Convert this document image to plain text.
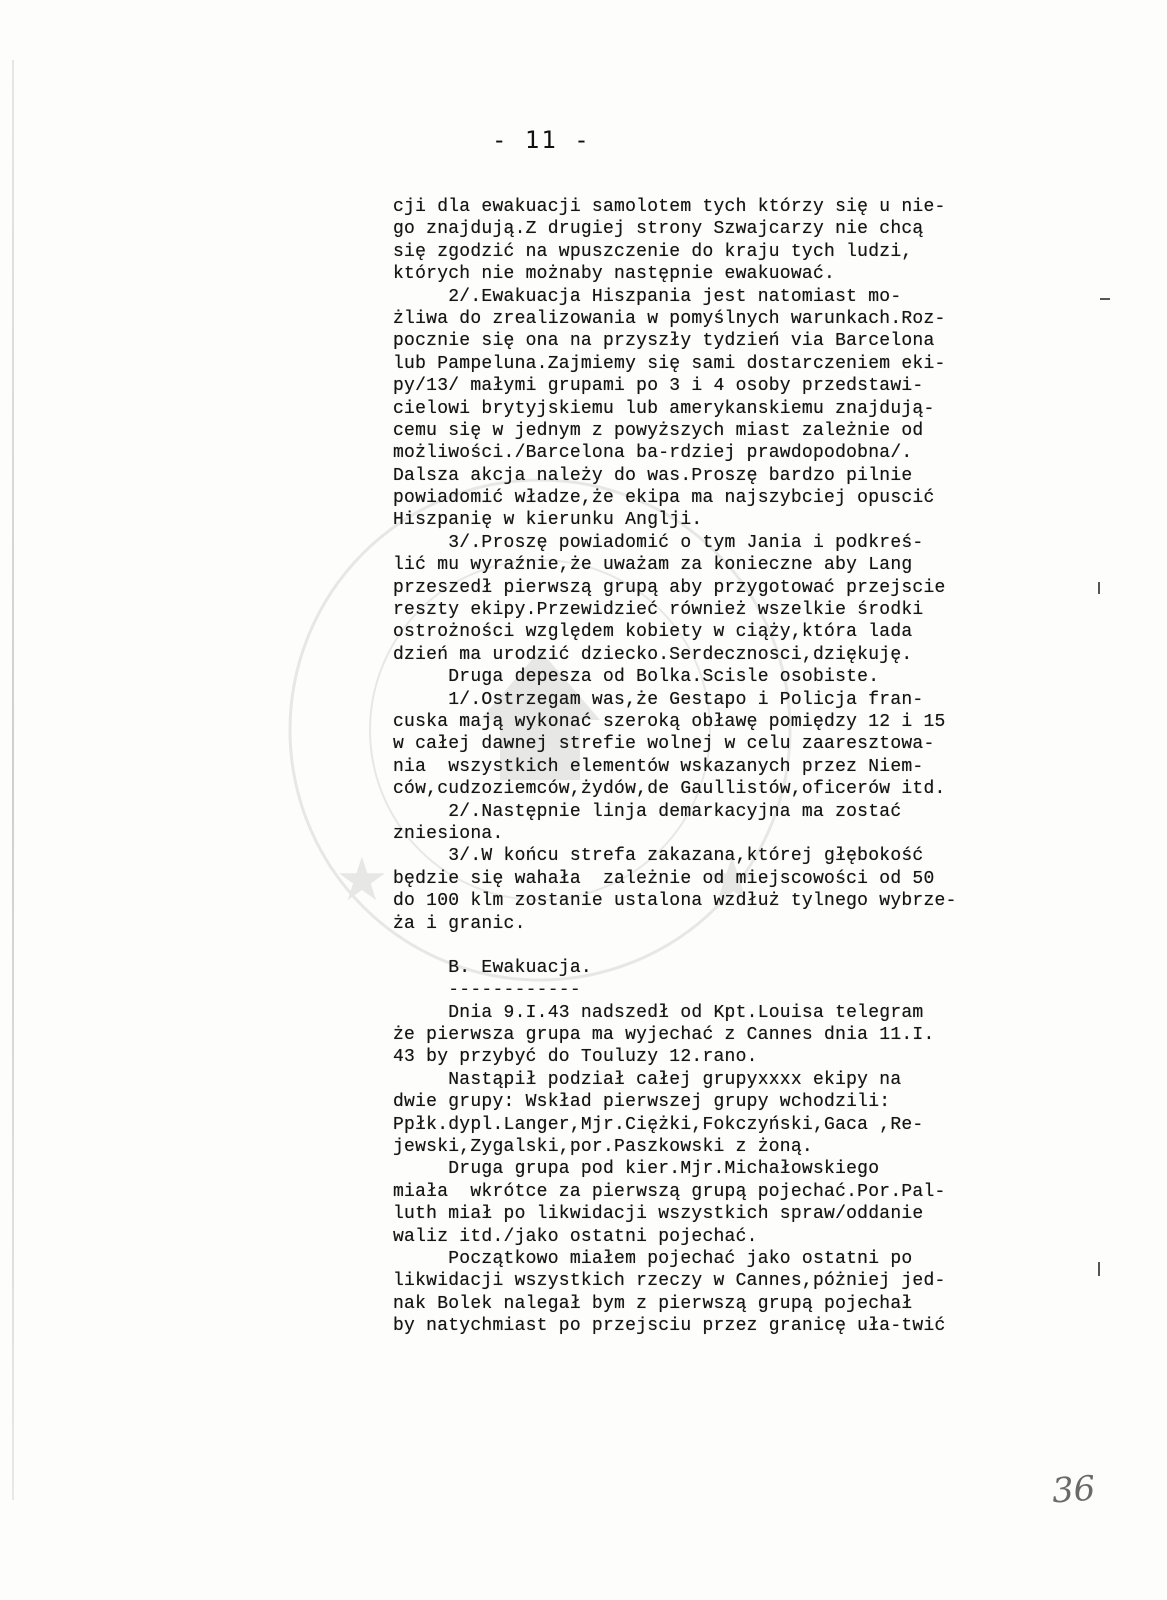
★	★
- 11 -
cji dla ewakuacji samolotem tych którzy się u nie-
go znajdują.Z drugiej strony Szwajcarzy nie chcą
się zgodzić na wpuszczenie do kraju tych ludzi,
których nie możnaby następnie ewakuować.
2/.Ewakuacja Hiszpania jest natomiast mo-
żliwa do zrealizowania w pomyślnych warunkach.Roz-
pocznie się ona na przyszły tydzień via Barcelona
lub Pampeluna.Zajmiemy się sami dostarczeniem eki-
py/13/ małymi grupami po 3 i 4 osoby przedstawi-
cielowi brytyjskiemu lub amerykanskiemu znajdują-
cemu się w jednym z powyższych miast zależnie od
możliwości./Barcelona ba-rdziej prawdopodobna/.
Dalsza akcja należy do was.Proszę bardzo pilnie
powiadomić władze,że ekipa ma najszybciej opuscić
Hiszpanię w kierunku Anglji.
3/.Proszę powiadomić o tym Jania i podkreś-
lić mu wyraźnie,że uważam za konieczne aby Lang
przeszedł pierwszą grupą aby przygotować przejscie
reszty ekipy.Przewidzieć również wszelkie środki
ostrożności względem kobiety w ciąży,która lada
dzień ma urodzić dziecko.Serdecznosci,dziękuję.
Druga depesza od Bolka.Scisle osobiste.
1/.Ostrzegam was,że Gestapo i Policja fran-
cuska mają wykonać szeroką obławę pomiędzy 12 i 15
w całej dawnej strefie wolnej w celu zaaresztowa-
nia  wszystkich elementów wskazanych przez Niem-
ców,cudzoziemców,żydów,de Gaullistów,oficerów itd.
2/.Następnie linja demarkacyjna ma zostać
zniesiona.
3/.W końcu strefa zakazana,której głębokość
będzie się wahała  zależnie od miejscowości od 50
do 100 klm zostanie ustalona wzdłuż tylnego wybrze-
ża i granic.
B. Ewakuacja.
------------
Dnia 9.I.43 nadszedł od Kpt.Louisa telegram
że pierwsza grupa ma wyjechać z Cannes dnia 11.I.
43 by przybyć do Touluzy 12.rano.
Nastąpił podział całej grupyxxxx ekipy na
dwie grupy: Wskład pierwszej grupy wchodzili:
Ppłk.dypl.Langer,Mjr.Ciężki,Fokczyński,Gaca ,Re-
jewski,Zygalski,por.Paszkowski z żoną.
Druga grupa pod kier.Mjr.Michałowskiego
miała  wkrótce za pierwszą grupą pojechać.Por.Pal-
luth miał po likwidacji wszystkich spraw/oddanie
waliz itd./jako ostatni pojechać.
Początkowo miałem pojechać jako ostatni po
likwidacji wszystkich rzeczy w Cannes,póżniej jed-
nak Bolek nalegał bym z pierwszą grupą pojechał
by natychmiast po przejsciu przez granicę uła-twić
36
